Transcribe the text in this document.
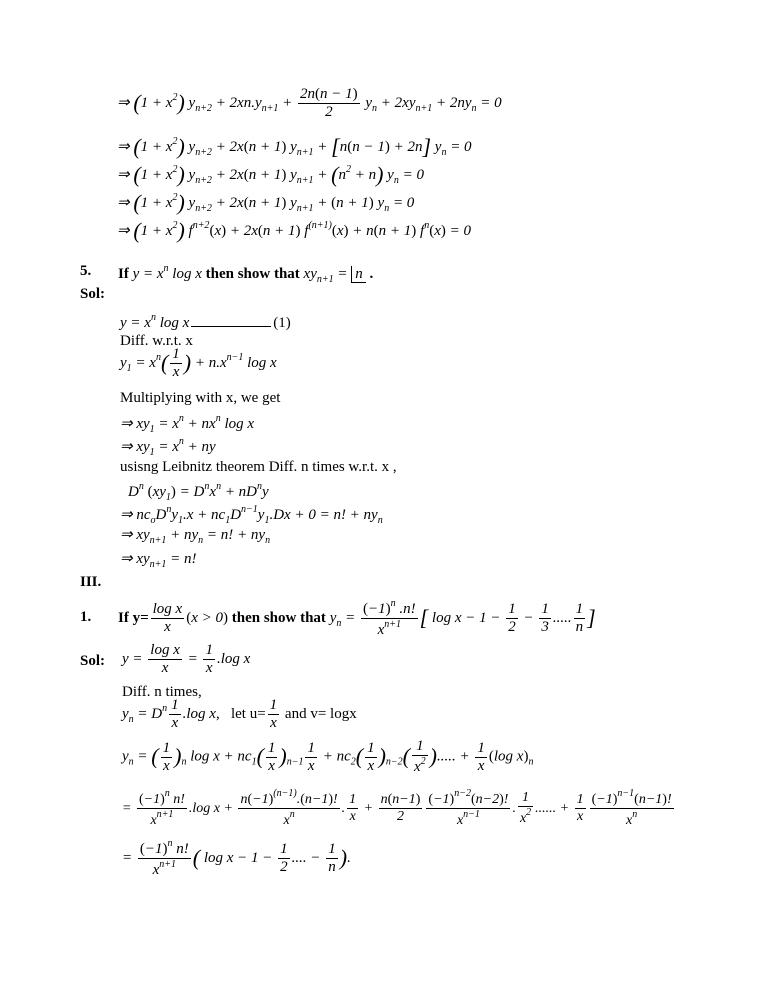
⇒ $(1 + x^2)$ $y_{n+2} + 2xn.y_{n+1} + \frac{2n(n - 1)}{2} y_n + 2xy_{n+1} + 2ny_n = 0$
⇒ $(1 + x^2)$ $y_{n+2} + 2x(n + 1) y_{n+1} + [n(n - 1) + 2n] y_n = 0$
⇒ $(1 + x^2)$ $y_{n+2} + 2x(n + 1) y_{n+1} + (n^2 + n) y_n = 0$
⇒ $(1 + x^2)$ $y_{n+2} + 2x(n + 1) y_{n+1} + (n + 1) y_n = 0$
⇒ $(1 + x^2)$ $f^{n+2}(x) + 2x(n + 1) f^{(n+1)}(x) + n(n + 1) f^n(x) = 0$
5. If $y = x^n$ log x then show that $xy_{n+1} = n$ .
Sol:
$y = x^n$ log x	(1)
Diff. w.r.t. x
$y_1 = x^n( \frac{1}{x}$ ) + $n.x^{n-1}$ log x
Multiplying with x, we get
⇒ $xy_1 = x^n + nx^n$ log x
⇒ $xy_1 = x^n$ + ny
usisng Leibnitz theorem Diff. n times w.r.t. x ,
$D^n$ $(xy_1) = D^nx^n + nD^ny$
⇒ $nc_oD^ny_1.x + nc_1D^{n-1}y_1.Dx + 0 = n$! + $ny_n$
⇒ $xy_{n+1} + ny_n = n$! + $ny_n$
⇒ $xy_{n+1} = n$!
III.
1. If $y= \frac{\text{log x}}{x} (x > 0)$ then show that $y_n = \frac{(-1)^n .n!}{x^{n+1}}$ [ $\log x - 1 - \frac{1}{2} - \frac{1}{3}$ ..... $\frac{1}{n}$ ]
Sol: $y = \frac{\text{log x}}{x} = \frac{1}{x} .\log$ x
Diff. n times,
$y_n = D^n \frac{1}{x} .\log$ x,   let $u= \frac{1}{x}$ and v= logx
$y_n$ = ( $\frac{1}{x} )_n$ $\log x + nc_1( \frac{1}{x} )_{n-1} \frac{1}{x} + nc_2( \frac{1}{x} )_{n-2}( \frac{1}{x^2}$ )..... + $\frac{1}{x} (\log$ $x)_n$
= $\frac{(-1)^n n!}{x^{n+1}} .\log$ $x + \frac{n(-1)^{(n-1)}.(n-1)!}{x^n}$ . $\frac{1}{x} + \frac{n(n-1)}{2} \frac{(-1)^{n-2}(n-2)!}{x^{n-1}}$ . $\frac{1}{x^2}$ ...... + $\frac{1}{x} \frac{(-1)^{n-1}(n-1)!}{x^n}$
= $\frac{(-1)^n n!}{x^{n+1}}$ ( $\log x - 1 - \frac{1}{2}$ .... − $\frac{1}{n}$ ).
